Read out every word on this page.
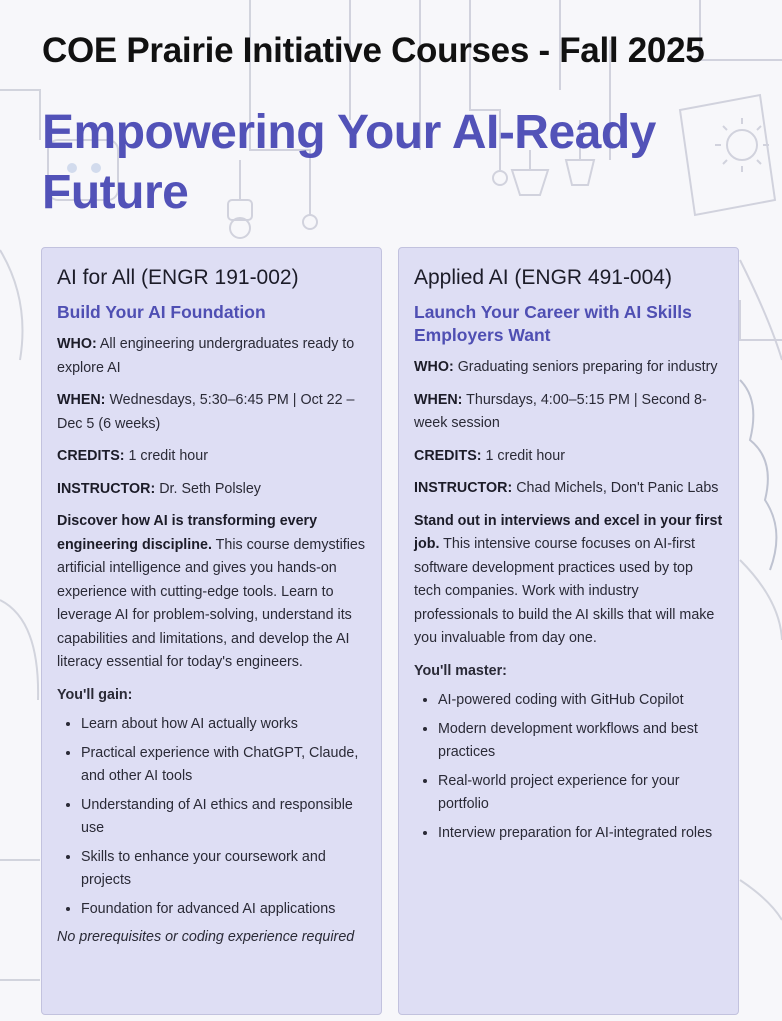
COE Prairie Initiative Courses - Fall 2025
Empowering Your AI-Ready Future
AI for All (ENGR 191-002)
Build Your AI Foundation

WHO: All engineering undergraduates ready to explore AI

WHEN: Wednesdays, 5:30–6:45 PM | Oct 22 – Dec 5 (6 weeks)

CREDITS: 1 credit hour

INSTRUCTOR: Dr. Seth Polsley

Discover how AI is transforming every engineering discipline. This course demystifies artificial intelligence and gives you hands-on experience with cutting-edge tools. Learn to leverage AI for problem-solving, understand its capabilities and limitations, and develop the AI literacy essential for today's engineers.

You'll gain:

• Learn about how AI actually works
• Practical experience with ChatGPT, Claude, and other AI tools
• Understanding of AI ethics and responsible use
• Skills to enhance your coursework and projects
• Foundation for advanced AI applications

No prerequisites or coding experience required

Applied AI (ENGR 491-004)
Launch Your Career with AI Skills Employers Want

WHO: Graduating seniors preparing for industry

WHEN: Thursdays, 4:00–5:15 PM | Second 8-week session

CREDITS: 1 credit hour

INSTRUCTOR: Chad Michels, Don't Panic Labs

Stand out in interviews and excel in your first job. This intensive course focuses on AI-first software development practices used by top tech companies. Work with industry professionals to build the AI skills that will make you invaluable from day one.

You'll master:

• AI-powered coding with GitHub Copilot
• Modern development workflows and best practices
• Real-world project experience for your portfolio
• Interview preparation for AI-integrated roles
